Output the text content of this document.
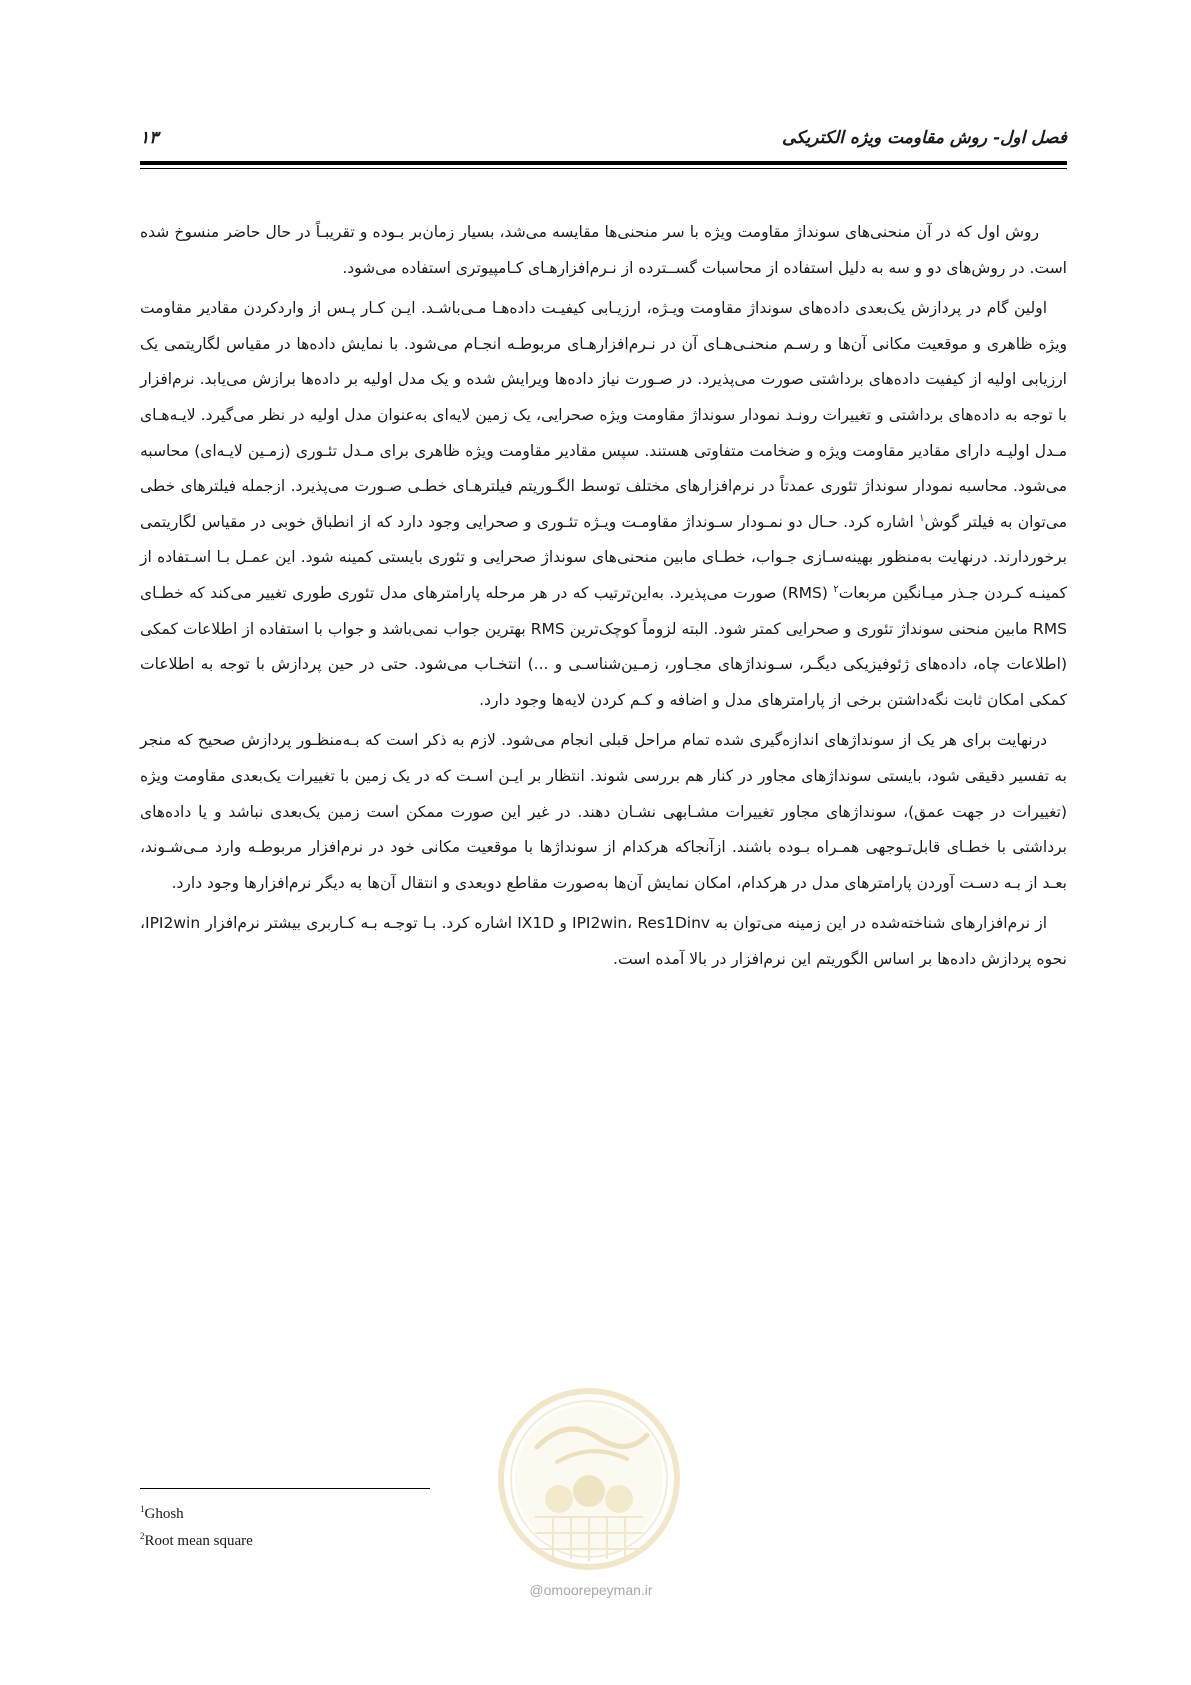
فصل اول- روش مقاومت ویژه الکتریکی
۱۳

روش اول که در آن منحنی‌های سونداژ مقاومت ویژه با سر منحنی‌ها مقایسه می‌شد، بسیار زمان‌بر بـوده و تقریبـاً در حال حاضر منسوخ شده است. در روش‌های دو و سه به دلیل استفاده از محاسبات گســترده از نـرم‌افزارهـای کـامپیوتری استفاده می‌شود.

اولین گام در پردازش یک‌بعدی داده‌های سونداژ مقاومت ویـژه، ارزیـابی کیفیـت داده‌هـا مـی‌باشـد. ایـن کـار پـس از واردکردن مقادیر مقاومت ویژه ظاهری و موقعیت مکانی آن‌ها و رسـم منحنـی‌هـای آن در نـرم‌افزارهـای مربوطـه انجـام می‌شود. با نمایش داده‌ها در مقیاس لگاریتمی یک ارزیابی اولیه از کیفیت داده‌های برداشتی صورت می‌پذیرد. در صـورت نیاز داده‌ها ویرایش شده و یک مدل اولیه بر داده‌ها برازش می‌یابد. نرم‌افزار با توجه به داده‌های برداشتی و تغییرات رونـد نمودار سونداژ مقاومت ویژه صحرایی، یک زمین لایه‌ای به‌عنوان مدل اولیه در نظر می‌گیرد. لایـه‌هـای مـدل اولیـه دارای مقادیر مقاومت ویژه و ضخامت متفاوتی هستند. سپس مقادیر مقاومت ویژه ظاهری برای مـدل تئـوری (زمـین لایـه‌ای) محاسبه می‌شود. محاسبه نمودار سونداژ تئوری عمدتاً در نرم‌افزارهای مختلف توسط الگـوریتم فیلترهـای خطـی صـورت می‌پذیرد. ازجمله فیلترهای خطی می‌توان به فیلتر گوش$^۱$ اشاره کرد. حـال دو نمـودار سـونداژ مقاومـت ویـژه تئـوری و صحرایی وجود دارد که از انطباق خوبی در مقیاس لگاریتمی برخوردارند. درنهایت به‌منظور بهینه‌سـازی جـواب، خطـای مابین منحنی‌های سونداژ صحرایی و تئوری بایستی کمینه شود. این عمـل بـا اسـتفاده از کمینـه کـردن جـذر میـانگین مربعات$^۲$ (RMS) صورت می‌پذیرد. به‌این‌ترتیب که در هر مرحله پارامترهای مدل تئوری طوری تغییر می‌کند که خطـای RMS مابین منحنی سونداژ تئوری و صحرایی کمتر شود. البته لزوماً کوچک‌ترین RMS بهترین جواب نمی‌باشد و جواب با استفاده از اطلاعات کمکی (اطلاعات چاه، داده‌های ژئوفیزیکی دیگـر، سـونداژهای مجـاور، زمـین‌شناسـی و ...) انتخـاب می‌شود. حتی در حین پردازش با توجه به اطلاعات کمکی امکان ثابت نگه‌داشتن برخی از پارامترهای مدل و اضافه و کـم کردن لایه‌ها وجود دارد.

درنهایت برای هر یک از سونداژهای اندازه‌گیری شده تمام مراحل قبلی انجام می‌شود. لازم به ذکر است که بـه‌منظـور پردازش صحیح که منجر به تفسیر دقیقی شود، بایستی سونداژهای مجاور در کنار هم بررسی شوند. انتظار بر ایـن اسـت که در یک زمین با تغییرات یک‌بعدی مقاومت ویژه (تغییرات در جهت عمق)، سونداژهای مجاور تغییرات مشـابهی نشـان دهند. در غیر این صورت ممکن است زمین یک‌بعدی نباشد و یا داده‌های برداشتی با خطـای قابل‌تـوجهی همـراه بـوده باشند. ازآنجاکه هرکدام از سونداژها با موقعیت مکانی خود در نرم‌افزار مربوطـه وارد مـی‌شـوند، بعـد از بـه دسـت آوردن پارامترهای مدل در هرکدام، امکان نمایش آن‌ها به‌صورت مقاطع دوبعدی و انتقال آن‌ها به دیگر نرم‌افزارها وجود دارد.

از نرم‌افزارهای شناخته‌شده در این زمینه می‌توان به IPI2win، Res1Dinv و IX1D اشاره کرد. بـا توجـه بـه کـاربری بیشتر نرم‌افزار IPI2win، نحوه پردازش داده‌ها بر اساس الگوریتم این نرم‌افزار در بالا آمده است.

@omoorepeyman.ir
$^1$Ghosh
$^2$Root mean square
